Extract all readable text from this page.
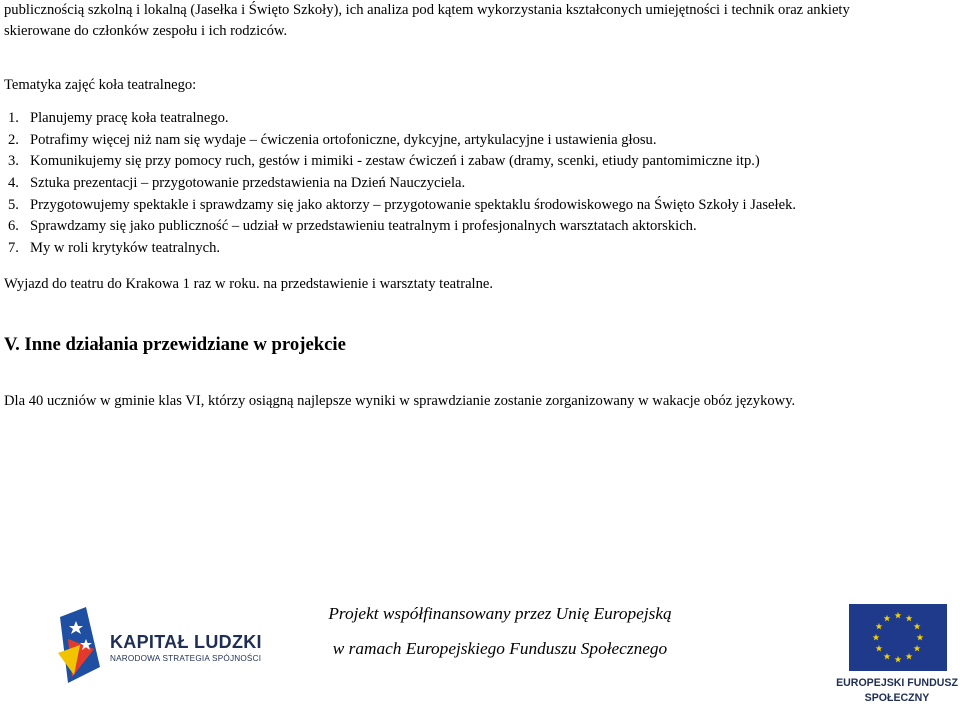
publicznością szkolną i lokalną (Jasełka i Święto Szkoły), ich analiza pod kątem wykorzystania kształconych umiejętności i technik oraz ankiety

skierowane do członków zespołu i ich rodziców.

Tematyka zajęć koła teatralnego:
1. Planujemy pracę koła teatralnego.
2. Potrafimy więcej niż nam się wydaje – ćwiczenia ortofoniczne, dykcyjne, artykulacyjne i ustawienia głosu.
3. Komunikujemy się przy pomocy ruch, gestów i mimiki - zestaw ćwiczeń i zabaw (dramy, scenki, etiudy pantomimiczne itp.)
4. Sztuka prezentacji – przygotowanie przedstawienia na Dzień Nauczyciela.
5. Przygotowujemy spektakle i sprawdzamy się jako aktorzy – przygotowanie spektaklu środowiskowego na Święto Szkoły i Jasełek.
6. Sprawdzamy się jako publiczność – udział w przedstawieniu teatralnym i profesjonalnych warsztatach aktorskich.
7. My w roli krytyków teatralnych.
Wyjazd do teatru do Krakowa 1 raz w roku. na przedstawienie i warsztaty teatralne.
V. Inne działania przewidziane w projekcie
Dla 40 uczniów w gminie klas VI, którzy osiągną najlepsze wyniki w sprawdzianie zostanie zorganizowany w wakacje obóz językowy.
KAPITAŁ LUDZKI
NARODOWA STRATEGIA SPÓJNOŚCI
Projekt współfinansowany przez Unię Europejską
w ramach Europejskiego Funduszu Społecznego
EUROPEJSKI FUNDUSZ
SPOŁECZNY
